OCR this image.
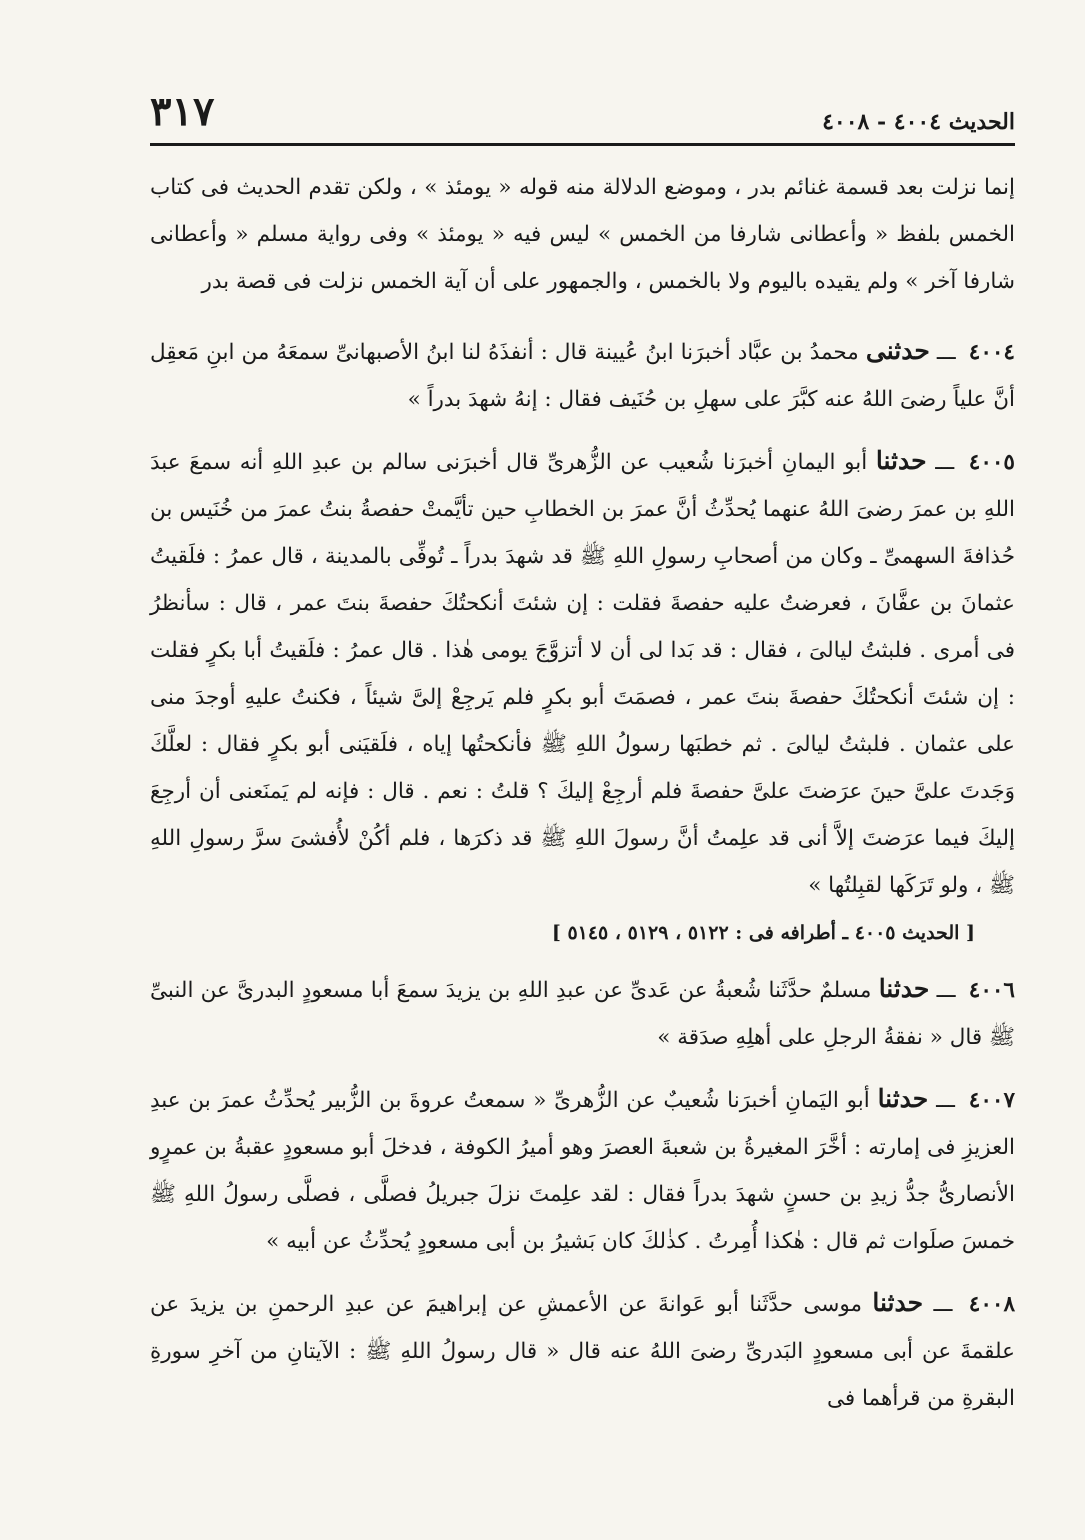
الحديث ٤٠٠٤ - ٤٠٠٨
٣١٧

إنما نزلت بعد قسمة غنائم بدر ، وموضع الدلالة منه قوله « يومئذ » ، ولكن تقدم الحديث فى كتاب الخمس بلفظ « وأعطانى شارفا من الخمس » ليس فيه « يومئذ » وفى رواية مسلم « وأعطانى شارفا آخر » ولم يقيده باليوم ولا بالخمس ، والجمهور على أن آية الخمس نزلت فى قصة بدر

٤٠٠٤ ـــ حدثنى محمدُ بن عبَّاد أخبرَنا ابنُ عُيينة قال : أنفذَهُ لنا ابنُ الأصبهانىِّ سمعَهُ من ابنِ مَعقِل أنَّ علياً رضىَ اللهُ عنه كبَّرَ على سهلِ بن حُنَيف فقال : إنهُ شهدَ بدراً »

٤٠٠٥ ـــ حدثنا أبو اليمانِ أخبرَنا شُعيب عن الزُّهرىِّ قال أخبرَنى سالم بن عبدِ اللهِ أنه سمعَ عبدَ اللهِ بن عمرَ رضىَ اللهُ عنهما يُحدِّثُ أنَّ عمرَ بن الخطابِ حين تأيَّمتْ حفصةُ بنتُ عمرَ من خُنَيس بن حُذافةَ السهمىِّ ـ وكان من أصحابِ رسولِ اللهِ ﷺ قد شهدَ بدراً ـ تُوفِّى بالمدينة ، قال عمرُ : فلَقيتُ عثمانَ بن عفَّانَ ، فعرضتُ عليه حفصةَ فقلت : إن شئتَ أنكحتُكَ حفصةَ بنتَ عمر ، قال : سأنظرُ فى أمرى . فلبثتُ ليالىَ ، فقال : قد بَدا لى أن لا أتزوَّجَ يومى هٰذا . قال عمرُ : فلَقيتُ أبا بكرٍ فقلت : إن شئتَ أنكحتُكَ حفصةَ بنتَ عمر ، فصمَتَ أبو بكرٍ فلم يَرجِعْ إلىَّ شيئاً ، فكنتُ عليهِ أوجدَ منى على عثمان . فلبثتُ ليالىَ . ثم خطبَها رسولُ اللهِ ﷺ فأنكحتُها إياه ، فلَقيَنى أبو بكرٍ فقال : لعلَّكَ وَجَدتَ علىَّ حينَ عرَضتَ علىَّ حفصةَ فلم أرجِعْ إليكَ ؟ قلتُ : نعم . قال : فإنه لم يَمنَعنى أن أرجِعَ إليكَ فيما عرَضتَ إلاَّ أنى قد علِمتُ أنَّ رسولَ اللهِ ﷺ قد ذكرَها ، فلم أكُنْ لأُفشىَ سرَّ رسولِ اللهِ ﷺ ، ولو تَرَكَها لقبِلتُها »

[ الحديث ٤٠٠٥ ـ أطرافه فى : ٥١٢٢ ، ٥١٢٩ ، ٥١٤٥ ]

٤٠٠٦ ـــ حدثنا مسلمٌ حدَّثَنا شُعبةُ عن عَدىِّ عن عبدِ اللهِ بن يزيدَ سمعَ أبا مسعودٍ البدرىَّ عن النبىِّ ﷺ قال « نفقةُ الرجلِ على أهلِهِ صدَقة »

٤٠٠٧ ـــ حدثنا أبو اليَمانِ أخبرَنا شُعيبٌ عن الزُّهرىِّ « سمعتُ عروةَ بن الزُّبير يُحدِّثُ عمرَ بن عبدِ العزيزِ فى إمارته : أخَّرَ المغيرةُ بن شعبةَ العصرَ وهو أميرُ الكوفة ، فدخلَ أبو مسعودٍ عقبةُ بن عمرٍو الأنصارىُّ جدُّ زيدِ بن حسنٍ شهدَ بدراً فقال : لقد علِمتَ نزلَ جبريلُ فصلَّى ، فصلَّى رسولُ اللهِ ﷺ خمسَ صلَوات ثم قال : هٰكذا أُمِرتُ . كذٰلكَ كان بَشيرُ بن أبى مسعودٍ يُحدِّثُ عن أبيه »

٤٠٠٨ ـــ حدثنا موسى حدَّثَنا أبو عَوانةَ عن الأعمشِ عن إبراهيمَ عن عبدِ الرحمنِ بن يزيدَ عن علقمةَ عن أبى مسعودٍ البَدرىِّ رضىَ اللهُ عنه قال « قال رسولُ اللهِ ﷺ : الآيتانِ من آخرِ سورةِ البقرةِ من قرأهما فى
